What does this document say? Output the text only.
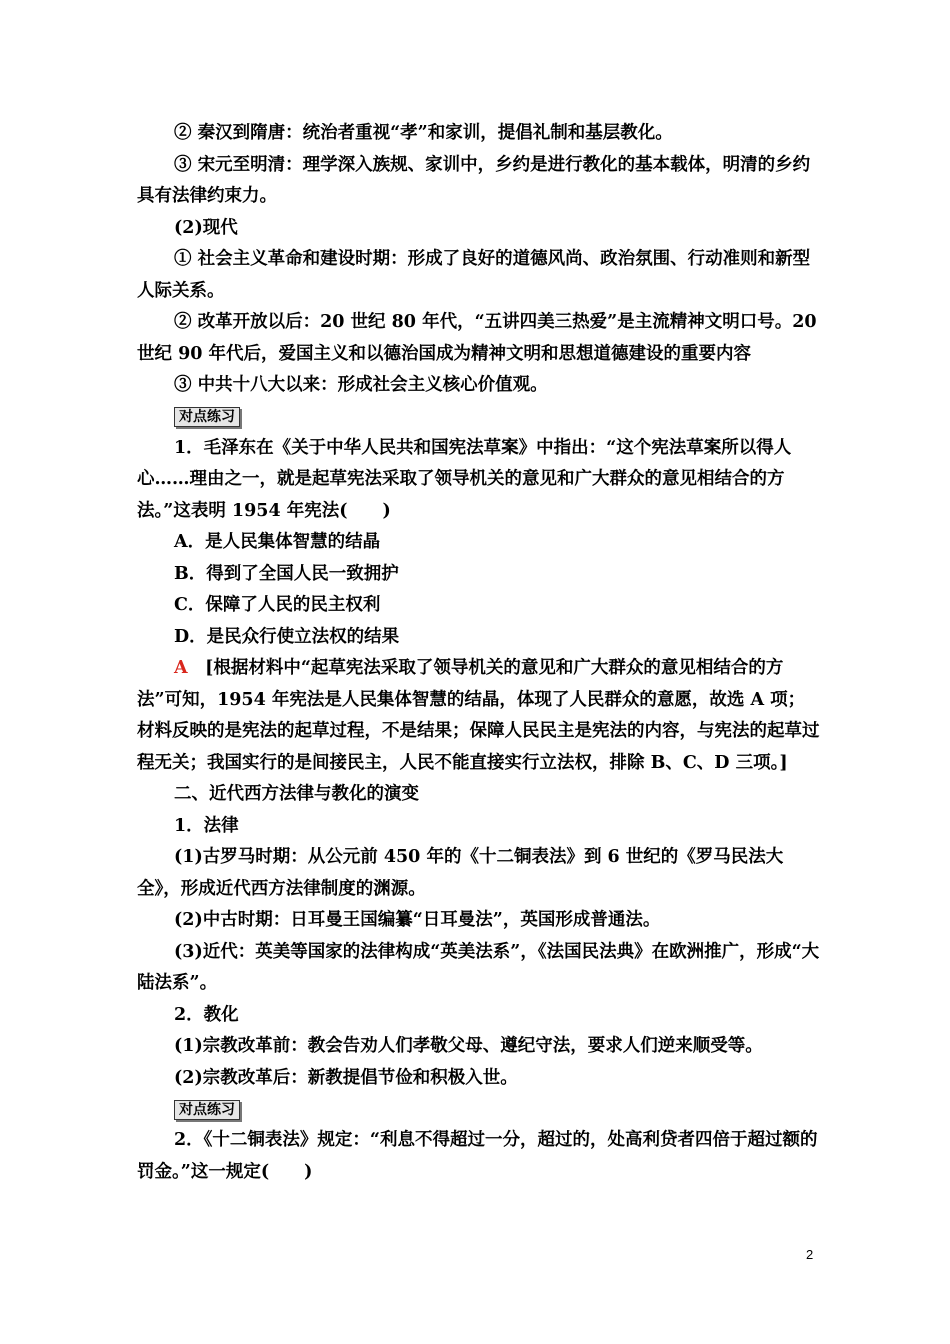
② 秦汉到隋唐：统治者重视“孝”和家训，提倡礼制和基层教化。

③ 宋元至明清：理学深入族规、家训中，乡约是进行教化的基本载体，明清的乡约具有法律约束力。

(2)现代

① 社会主义革命和建设时期：形成了良好的道德风尚、政治氛围、行动准则和新型人际关系。

② 改革开放以后：20 世纪 80 年代，“五讲四美三热爱”是主流精神文明口号。20 世纪 90 年代后，爱国主义和以德治国成为精神文明和思想道德建设的重要内容

③ 中共十八大以来：形成社会主义核心价值观。

对点练习

1．毛泽东在《关于中华人民共和国宪法草案》中指出：“这个宪法草案所以得人心……理由之一，就是起草宪法采取了领导机关的意见和广大群众的意见相结合的方法。”这表明 1954 年宪法(　　)

A．是人民集体智慧的结晶

B．得到了全国人民一致拥护

C．保障了人民的民主权利

D．是民众行使立法权的结果

A　 [根据材料中“起草宪法采取了领导机关的意见和广大群众的意见相结合的方法”可知，1954 年宪法是人民集体智慧的结晶，体现了人民群众的意愿，故选 A 项；材料反映的是宪法的起草过程，不是结果；保障人民民主是宪法的内容，与宪法的起草过程无关；我国实行的是间接民主，人民不能直接实行立法权，排除 B、C、D 三项。]

二、近代西方法律与教化的演变

1．法律

(1)古罗马时期：从公元前 450 年的《十二铜表法》到 6 世纪的《罗马民法大全》，形成近代西方法律制度的渊源。

(2)中古时期：日耳曼王国编纂“日耳曼法”，英国形成普通法。

(3)近代：英美等国家的法律构成“英美法系”，《法国民法典》在欧洲推广，形成“大陆法系”。

2．教化

(1)宗教改革前：教会告劝人们孝敬父母、遵纪守法，要求人们逆来顺受等。

(2)宗教改革后：新教提倡节俭和积极入世。

对点练习

2．《十二铜表法》规定：“利息不得超过一分，超过的，处高利贷者四倍于超过额的罚金。”这一规定(　　)

2
